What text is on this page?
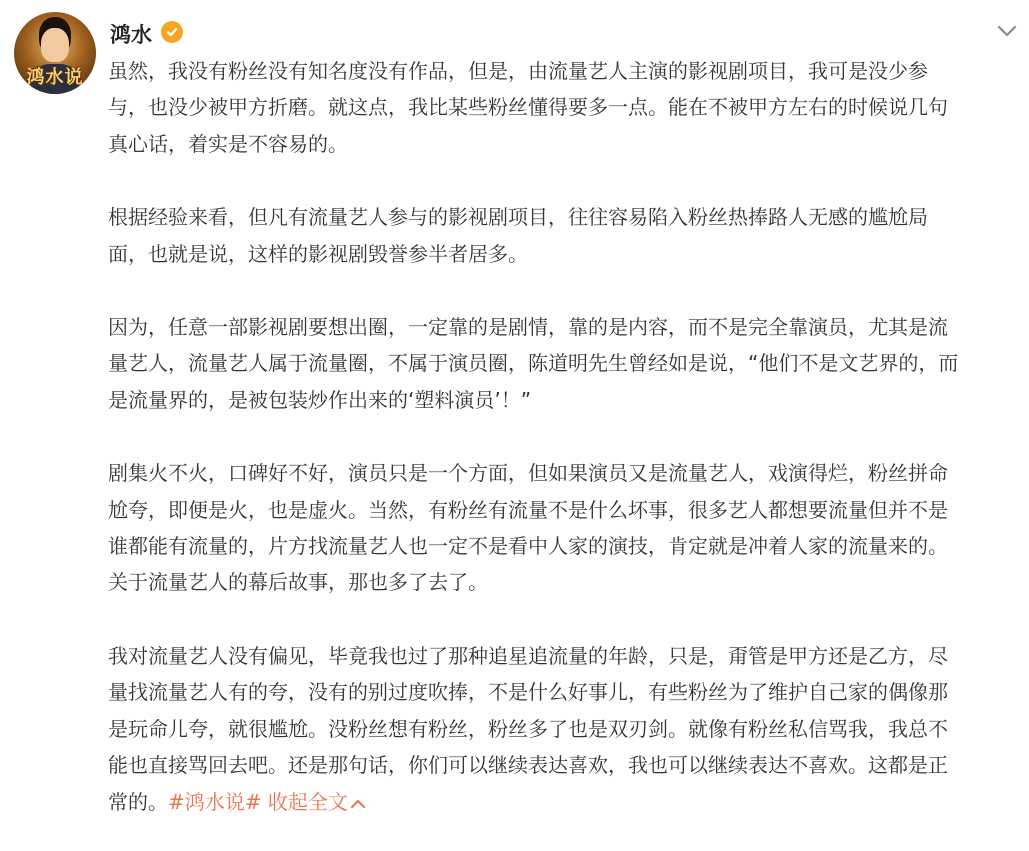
鸿水说
鸿水

虽然，我没有粉丝没有知名度没有作品，但是，由流量艺人主演的影视剧项目，我可是没少参
与，也没少被甲方折磨。就这点，我比某些粉丝懂得要多一点。能在不被甲方左右的时候说几句
真心话，着实是不容易的。

根据经验来看，但凡有流量艺人参与的影视剧项目，往往容易陷入粉丝热捧路人无感的尴尬局
面，也就是说，这样的影视剧毁誉参半者居多。

因为，任意一部影视剧要想出圈，一定靠的是剧情，靠的是内容，而不是完全靠演员，尤其是流
量艺人，流量艺人属于流量圈，不属于演员圈，陈道明先生曾经如是说，“他们不是文艺界的，而
是流量界的，是被包装炒作出来的‘塑料演员’！”

剧集火不火，口碑好不好，演员只是一个方面，但如果演员又是流量艺人，戏演得烂，粉丝拼命
尬夸，即便是火，也是虚火。当然，有粉丝有流量不是什么坏事，很多艺人都想要流量但并不是
谁都能有流量的，片方找流量艺人也一定不是看中人家的演技，肯定就是冲着人家的流量来的。
关于流量艺人的幕后故事，那也多了去了。

我对流量艺人没有偏见，毕竟我也过了那种追星追流量的年龄，只是，甭管是甲方还是乙方，尽
量找流量艺人有的夸，没有的别过度吹捧，不是什么好事儿，有些粉丝为了维护自己家的偶像那
是玩命儿夸，就很尴尬。没粉丝想有粉丝，粉丝多了也是双刃剑。就像有粉丝私信骂我，我总不
能也直接骂回去吧。还是那句话，你们可以继续表达喜欢，我也可以继续表达不喜欢。这都是正
常的。#鸿水说# 收起全文
